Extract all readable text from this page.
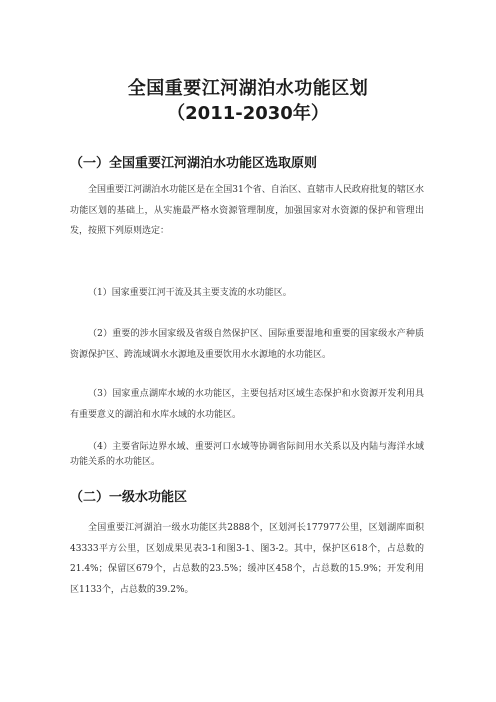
全国重要江河湖泊水功能区划
（2011-2030年）
（一）全国重要江河湖泊水功能区选取原则
全国重要江河湖泊水功能区是在全国31个省、自治区、直辖市人民政府批复的辖区水功能区划的基础上，从实施最严格水资源管理制度，加强国家对水资源的保护和管理出发，按照下列原则选定：
（1）国家重要江河干流及其主要支流的水功能区。
（2）重要的涉水国家级及省级自然保护区、国际重要湿地和重要的国家级水产种质资源保护区、跨流域调水水源地及重要饮用水水源地的水功能区。
（3）国家重点湖库水域的水功能区，主要包括对区域生态保护和水资源开发利用具有重要意义的湖泊和水库水域的水功能区。
（4）主要省际边界水域、重要河口水域等协调省际间用水关系以及内陆与海洋水域功能关系的水功能区。
（二）一级水功能区
全国重要江河湖泊一级水功能区共2888个，区划河长177977公里，区划湖库面积43333平方公里，区划成果见表3-1和图3-1、图3-2。其中，保护区618个，占总数的21.4%；保留区679个，占总数的23.5%；缓冲区458个，占总数的15.9%；开发利用区1133个，占总数的39.2%。
